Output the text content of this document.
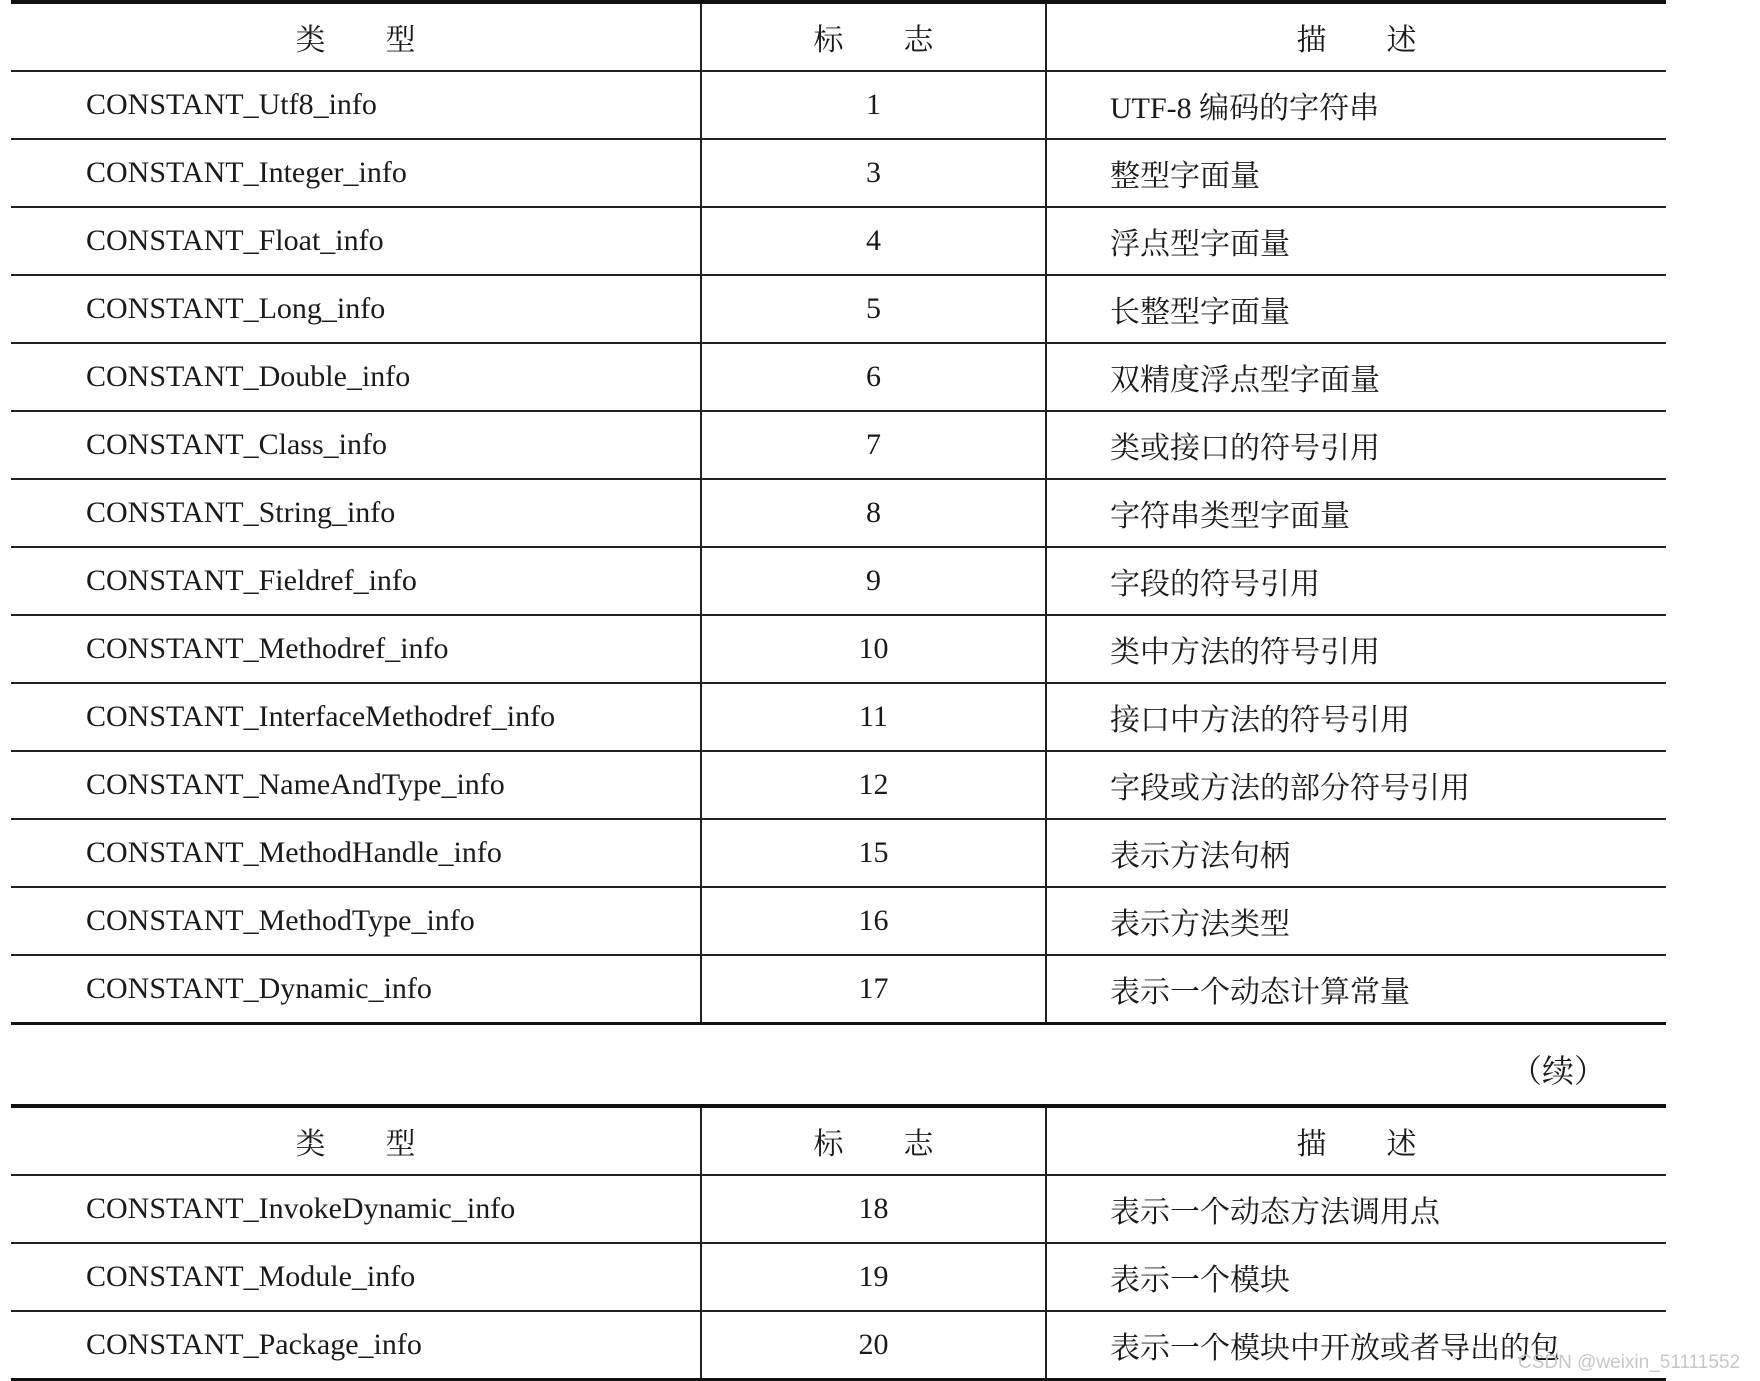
类　　型	标　　志	描　　述
CONSTANT_Utf8_info	1	UTF-8 编码的字符串
CONSTANT_Integer_info	3	整型字面量
CONSTANT_Float_info	4	浮点型字面量
CONSTANT_Long_info	5	长整型字面量
CONSTANT_Double_info	6	双精度浮点型字面量
CONSTANT_Class_info	7	类或接口的符号引用
CONSTANT_String_info	8	字符串类型字面量
CONSTANT_Fieldref_info	9	字段的符号引用
CONSTANT_Methodref_info	10	类中方法的符号引用
CONSTANT_InterfaceMethodref_info	11	接口中方法的符号引用
CONSTANT_NameAndType_info	12	字段或方法的部分符号引用
CONSTANT_MethodHandle_info	15	表示方法句柄
CONSTANT_MethodType_info	16	表示方法类型
CONSTANT_Dynamic_info	17	表示一个动态计算常量
（续）
类　　型	标　　志	描　　述
CONSTANT_InvokeDynamic_info	18	表示一个动态方法调用点
CONSTANT_Module_info	19	表示一个模块
CONSTANT_Package_info	20	表示一个模块中开放或者导出的包
CSDN @weixin_51111552
